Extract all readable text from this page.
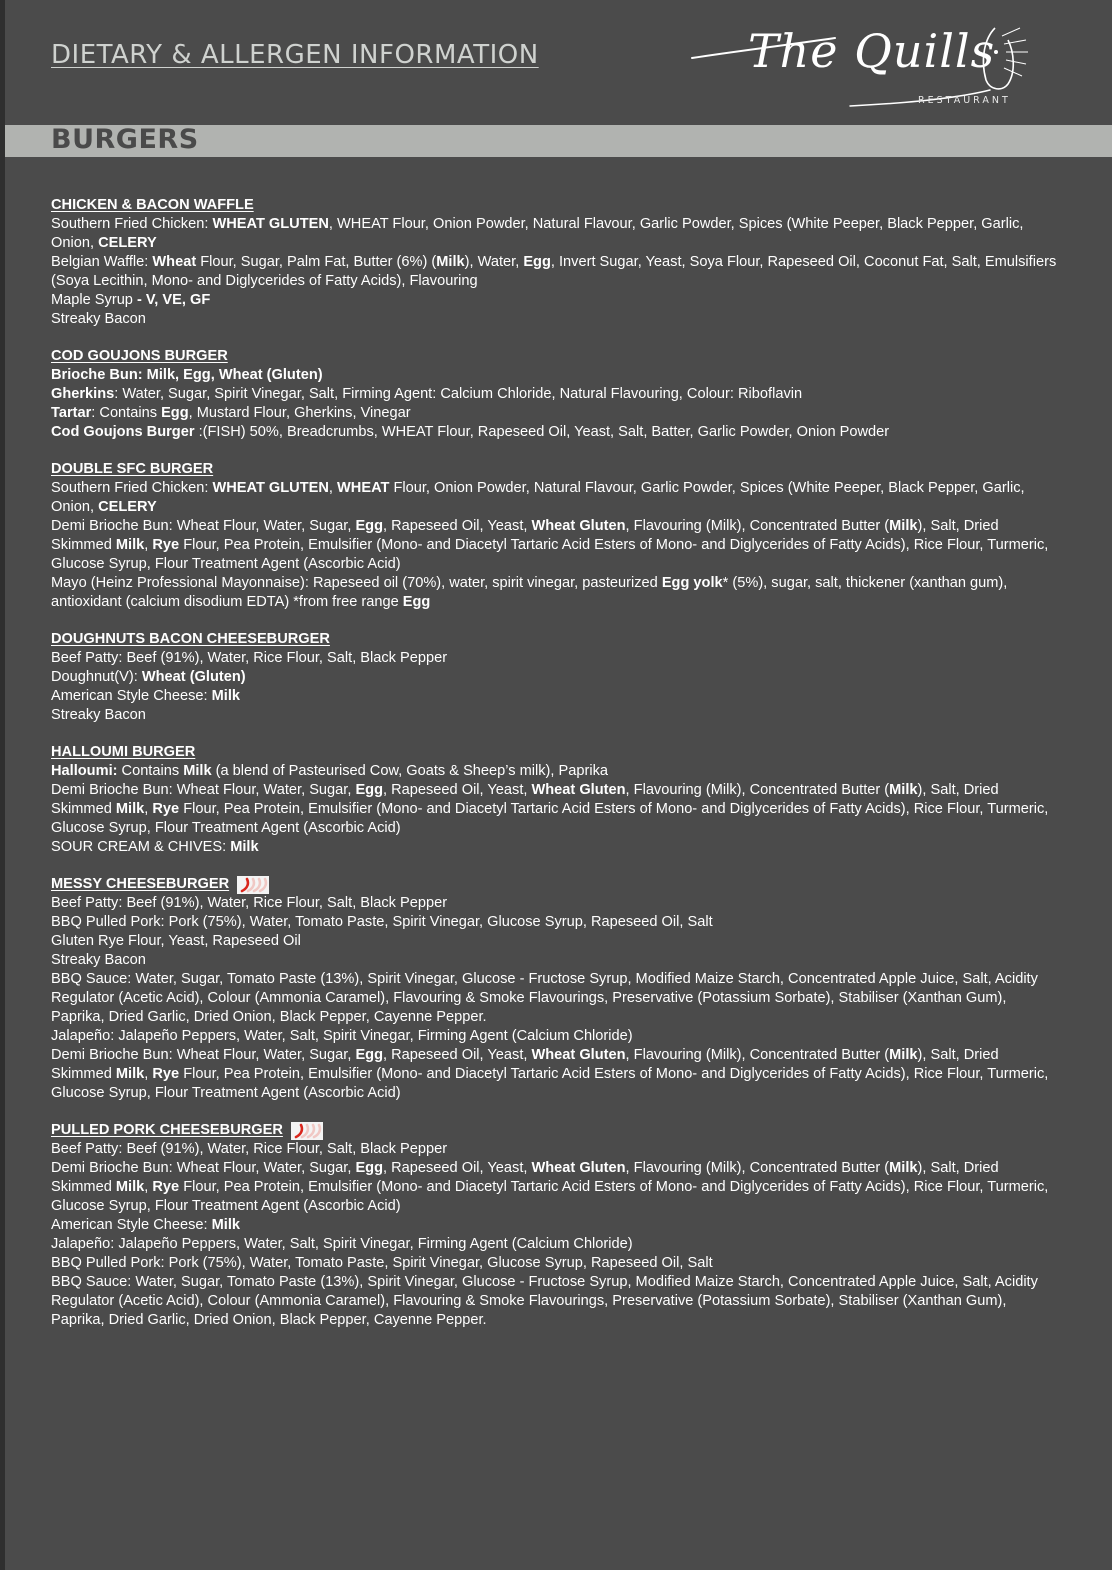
DIETARY & ALLERGEN INFORMATION	The Quills
RESTAURANT
BURGERS
CHICKEN & BACON WAFFLE
Southern Fried Chicken: WHEAT GLUTEN, WHEAT Flour, Onion Powder, Natural Flavour, Garlic Powder, Spices (White Peeper, Black Pepper, Garlic, Onion, CELERY
Belgian Waffle: Wheat Flour, Sugar, Palm Fat, Butter (6%) (Milk), Water, Egg, Invert Sugar, Yeast, Soya Flour, Rapeseed Oil, Coconut Fat, Salt, Emulsifiers (Soya Lecithin, Mono- and Diglycerides of Fatty Acids), Flavouring
Maple Syrup - V, VE, GF
Streaky Bacon
COD GOUJONS BURGER
Brioche Bun: Milk, Egg, Wheat (Gluten)
Gherkins: Water, Sugar, Spirit Vinegar, Salt, Firming Agent: Calcium Chloride, Natural Flavouring, Colour: Riboflavin
Tartar: Contains Egg, Mustard Flour, Gherkins, Vinegar
Cod Goujons Burger :(FISH) 50%, Breadcrumbs, WHEAT Flour, Rapeseed Oil, Yeast, Salt, Batter, Garlic Powder, Onion Powder
DOUBLE SFC BURGER
Southern Fried Chicken: WHEAT GLUTEN, WHEAT Flour, Onion Powder, Natural Flavour, Garlic Powder, Spices (White Peeper, Black Pepper, Garlic, Onion, CELERY
Demi Brioche Bun: Wheat Flour, Water, Sugar, Egg, Rapeseed Oil, Yeast, Wheat Gluten, Flavouring (Milk), Concentrated Butter (Milk), Salt, Dried Skimmed Milk, Rye Flour, Pea Protein, Emulsifier (Mono- and Diacetyl Tartaric Acid Esters of Mono- and Diglycerides of Fatty Acids), Rice Flour, Turmeric, Glucose Syrup, Flour Treatment Agent (Ascorbic Acid)
Mayo (Heinz Professional Mayonnaise): Rapeseed oil (70%), water, spirit vinegar, pasteurized Egg yolk* (5%), sugar, salt, thickener (xanthan gum), antioxidant (calcium disodium EDTA) *from free range Egg
DOUGHNUTS BACON CHEESEBURGER
Beef Patty: Beef (91%), Water, Rice Flour, Salt, Black Pepper
Doughnut(V): Wheat (Gluten)
American Style Cheese: Milk
Streaky Bacon
HALLOUMI BURGER
Halloumi: Contains Milk (a blend of Pasteurised Cow, Goats & Sheep’s milk), Paprika
Demi Brioche Bun: Wheat Flour, Water, Sugar, Egg, Rapeseed Oil, Yeast, Wheat Gluten, Flavouring (Milk), Concentrated Butter (Milk), Salt, Dried Skimmed Milk, Rye Flour, Pea Protein, Emulsifier (Mono- and Diacetyl Tartaric Acid Esters of Mono- and Diglycerides of Fatty Acids), Rice Flour, Turmeric, Glucose Syrup, Flour Treatment Agent (Ascorbic Acid)
SOUR CREAM & CHIVES: Milk
MESSY CHEESEBURGER
Beef Patty: Beef (91%), Water, Rice Flour, Salt, Black Pepper
BBQ Pulled Pork: Pork (75%), Water, Tomato Paste, Spirit Vinegar, Glucose Syrup, Rapeseed Oil, Salt
Gluten Rye Flour, Yeast, Rapeseed Oil
Streaky Bacon
BBQ Sauce: Water, Sugar, Tomato Paste (13%), Spirit Vinegar, Glucose - Fructose Syrup, Modified Maize Starch, Concentrated Apple Juice, Salt, Acidity Regulator (Acetic Acid), Colour (Ammonia Caramel), Flavouring & Smoke Flavourings, Preservative (Potassium Sorbate), Stabiliser (Xanthan Gum), Paprika, Dried Garlic, Dried Onion, Black Pepper, Cayenne Pepper.
Jalapeño: Jalapeño Peppers, Water, Salt, Spirit Vinegar, Firming Agent (Calcium Chloride)
Demi Brioche Bun: Wheat Flour, Water, Sugar, Egg, Rapeseed Oil, Yeast, Wheat Gluten, Flavouring (Milk), Concentrated Butter (Milk), Salt, Dried Skimmed Milk, Rye Flour, Pea Protein, Emulsifier (Mono- and Diacetyl Tartaric Acid Esters of Mono- and Diglycerides of Fatty Acids), Rice Flour, Turmeric, Glucose Syrup, Flour Treatment Agent (Ascorbic Acid)
PULLED PORK CHEESEBURGER
Beef Patty: Beef (91%), Water, Rice Flour, Salt, Black Pepper
Demi Brioche Bun: Wheat Flour, Water, Sugar, Egg, Rapeseed Oil, Yeast, Wheat Gluten, Flavouring (Milk), Concentrated Butter (Milk), Salt, Dried Skimmed Milk, Rye Flour, Pea Protein, Emulsifier (Mono- and Diacetyl Tartaric Acid Esters of Mono- and Diglycerides of Fatty Acids), Rice Flour, Turmeric, Glucose Syrup, Flour Treatment Agent (Ascorbic Acid)
American Style Cheese: Milk
Jalapeño: Jalapeño Peppers, Water, Salt, Spirit Vinegar, Firming Agent (Calcium Chloride)
BBQ Pulled Pork: Pork (75%), Water, Tomato Paste, Spirit Vinegar, Glucose Syrup, Rapeseed Oil, Salt
BBQ Sauce: Water, Sugar, Tomato Paste (13%), Spirit Vinegar, Glucose - Fructose Syrup, Modified Maize Starch, Concentrated Apple Juice, Salt, Acidity Regulator (Acetic Acid), Colour (Ammonia Caramel), Flavouring & Smoke Flavourings, Preservative (Potassium Sorbate), Stabiliser (Xanthan Gum), Paprika, Dried Garlic, Dried Onion, Black Pepper, Cayenne Pepper.
